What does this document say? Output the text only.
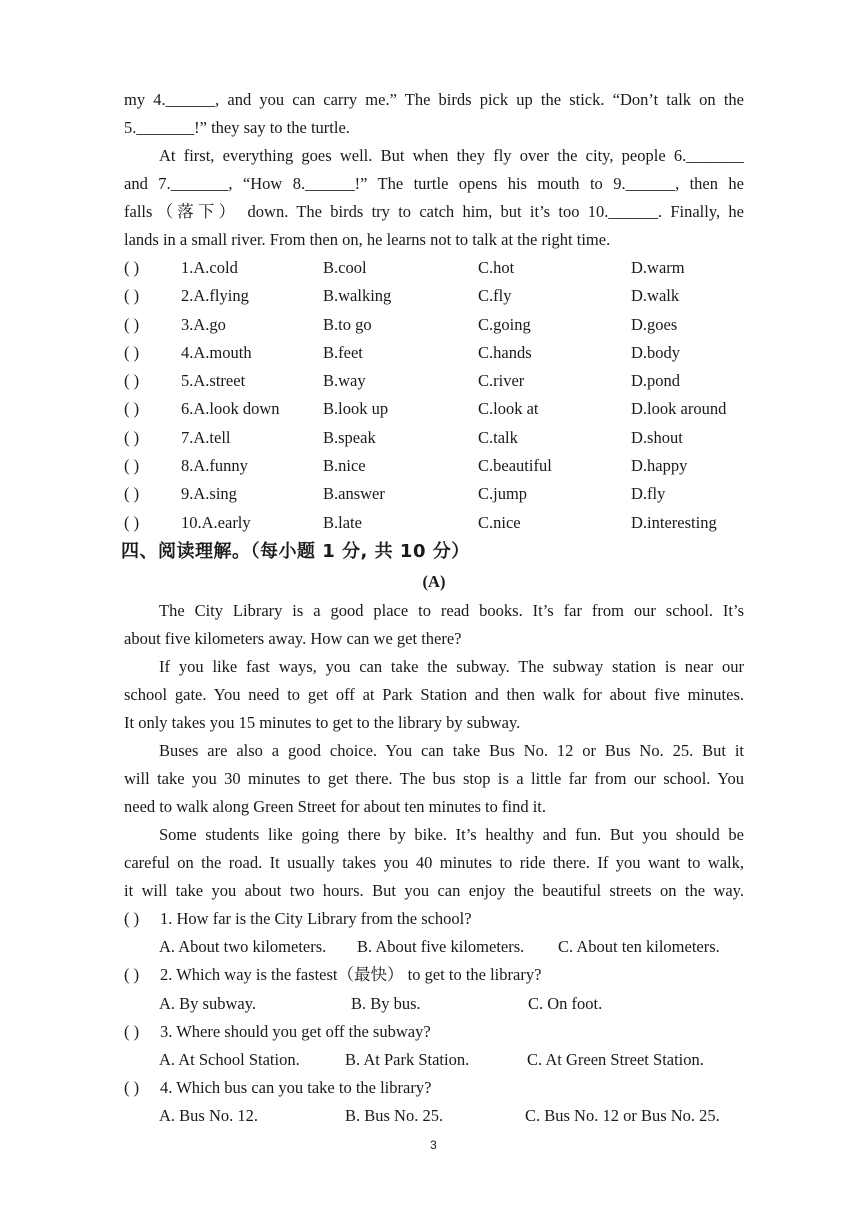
my 4.______, and you can carry me.” The birds pick up the stick. “Don’t talk on the
5._______!” they say to the turtle.
At first, everything goes well. But when they fly over the city, people 6._______
and 7._______, “How 8.______!” The turtle opens his mouth to 9.______, then he
falls（落下） down. The birds try to catch him, but it’s too 10.______. Finally, he
lands in a small river. From then on, he learns not to talk at the right time.
( )	1.A.cold	B.cool	C.hot	D.warm
( )	2.A.flying	B.walking	C.fly	D.walk
( )	3.A.go	B.to go	C.going	D.goes
( )	4.A.mouth	B.feet	C.hands	D.body
( )	5.A.street	B.way	C.river	D.pond
( )	6.A.look down	B.look up	C.look at	D.look around
( )	7.A.tell	B.speak	C.talk	D.shout
( )	8.A.funny	B.nice	C.beautiful	D.happy
( )	9.A.sing	B.answer	C.jump	D.fly
( )	10.A.early	B.late	C.nice	D.interesting
四、阅读理解。（每小题 1 分, 共 10 分）
(A)
The City Library is a good place to read books. It’s far from our school. It’s
about five kilometers away. How can we get there?
If you like fast ways, you can take the subway. The subway station is near our
school gate. You need to get off at Park Station and then walk for about five minutes.
It only takes you 15 minutes to get to the library by subway.
Buses are also a good choice. You can take Bus No. 12 or Bus No. 25. But it
will take you 30 minutes to get there. The bus stop is a little far from our school. You
need to walk along Green Street for about ten minutes to find it.
Some students like going there by bike. It’s healthy and fun. But you should be
careful on the road. It usually takes you 40 minutes to ride there. If you want to walk,
it will take you about two hours. But you can enjoy the beautiful streets on the way.
( ) 1. How far is the City Library from the school?
A. About two kilometers. B. About five kilometers. C. About ten kilometers.
( ) 2. Which way is the fastest（最快） to get to the library?
A. By subway.	B. By bus.	C. On foot.
( ) 3. Where should you get off the subway?
A. At School Station.	B. At Park Station.	C. At Green Street Station.
( ) 4. Which bus can you take to the library?
A. Bus No. 12.	B. Bus No. 25.	C. Bus No. 12 or Bus No. 25.
3
